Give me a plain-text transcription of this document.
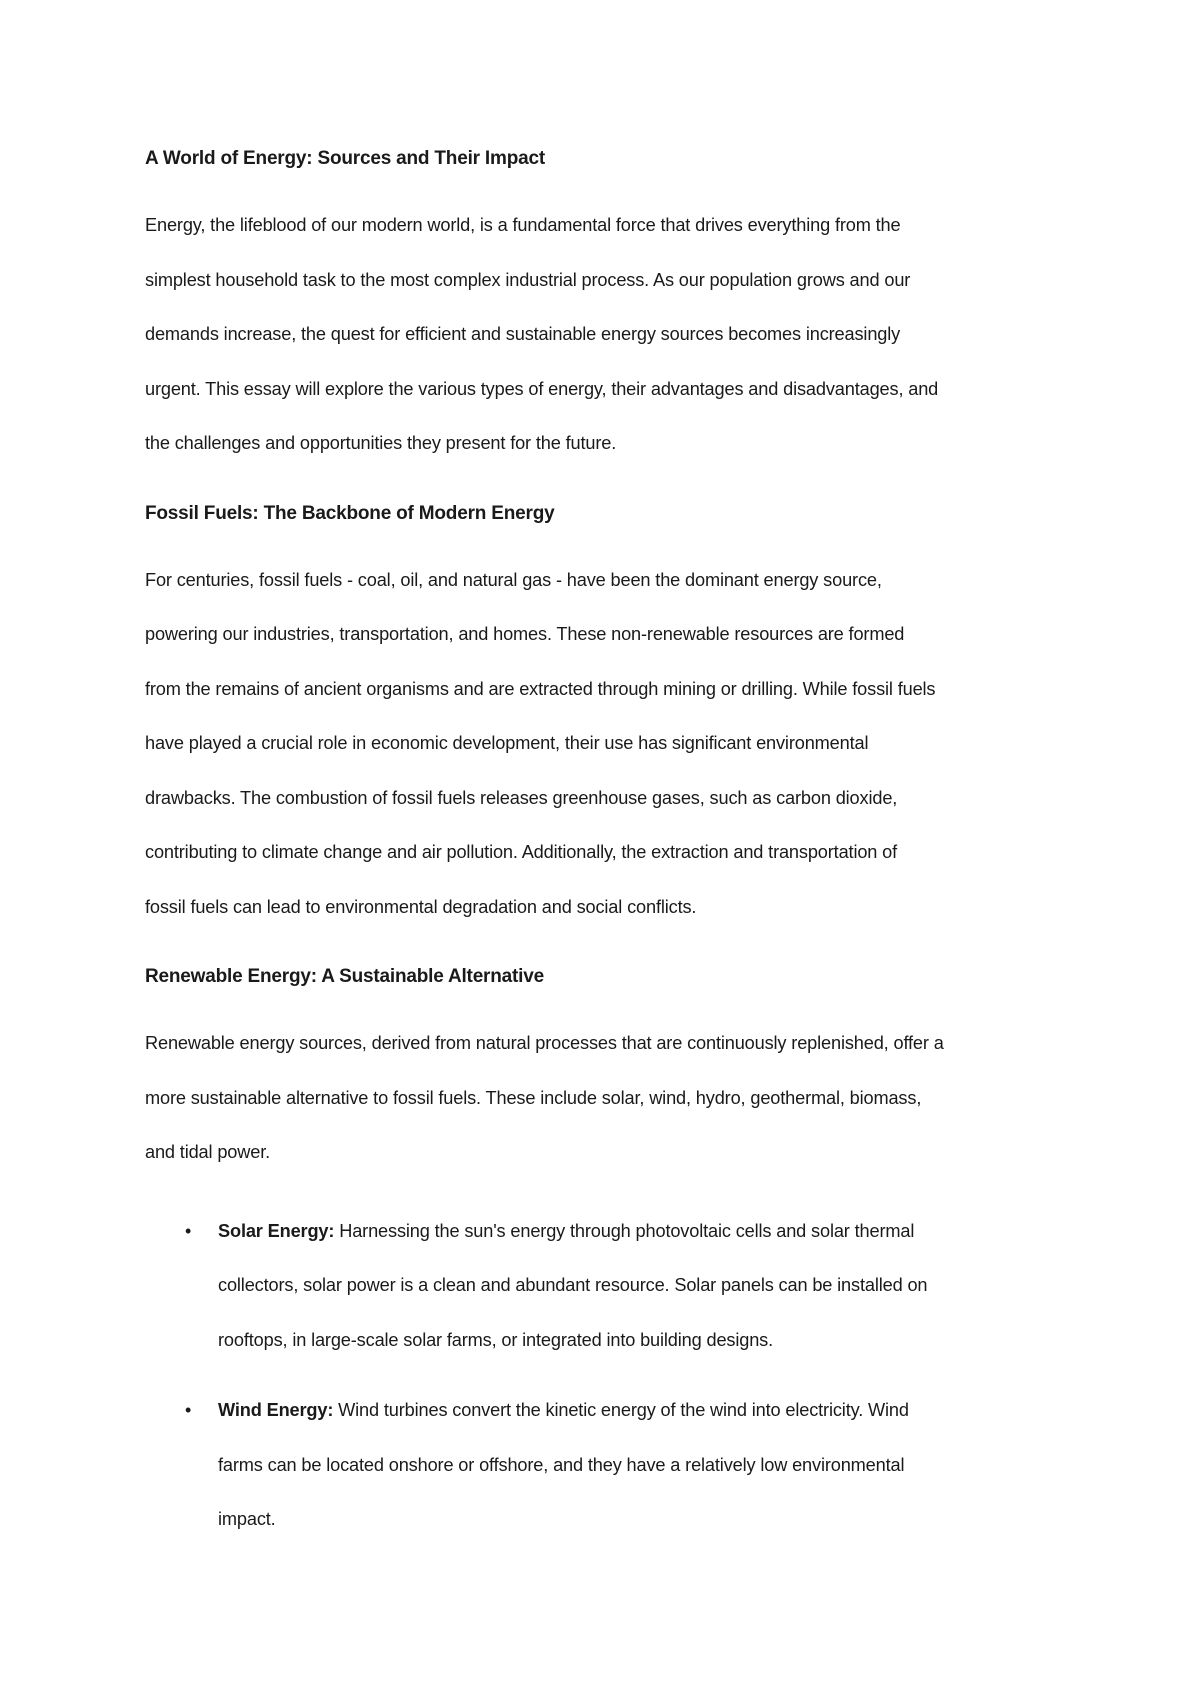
A World of Energy: Sources and Their Impact

Energy, the lifeblood of our modern world, is a fundamental force that drives everything from the
simplest household task to the most complex industrial process. As our population grows and our
demands increase, the quest for efficient and sustainable energy sources becomes increasingly
urgent. This essay will explore the various types of energy, their advantages and disadvantages, and
the challenges and opportunities they present for the future.

Fossil Fuels: The Backbone of Modern Energy

For centuries, fossil fuels - coal, oil, and natural gas - have been the dominant energy source,
powering our industries, transportation, and homes. These non-renewable resources are formed
from the remains of ancient organisms and are extracted through mining or drilling. While fossil fuels
have played a crucial role in economic development, their use has significant environmental
drawbacks. The combustion of fossil fuels releases greenhouse gases, such as carbon dioxide,
contributing to climate change and air pollution. Additionally, the extraction and transportation of
fossil fuels can lead to environmental degradation and social conflicts.

Renewable Energy: A Sustainable Alternative

Renewable energy sources, derived from natural processes that are continuously replenished, offer a
more sustainable alternative to fossil fuels. These include solar, wind, hydro, geothermal, biomass,
and tidal power.

• Solar Energy: Harnessing the sun's energy through photovoltaic cells and solar thermal
collectors, solar power is a clean and abundant resource. Solar panels can be installed on
rooftops, in large-scale solar farms, or integrated into building designs.

• Wind Energy: Wind turbines convert the kinetic energy of the wind into electricity. Wind
farms can be located onshore or offshore, and they have a relatively low environmental
impact.
